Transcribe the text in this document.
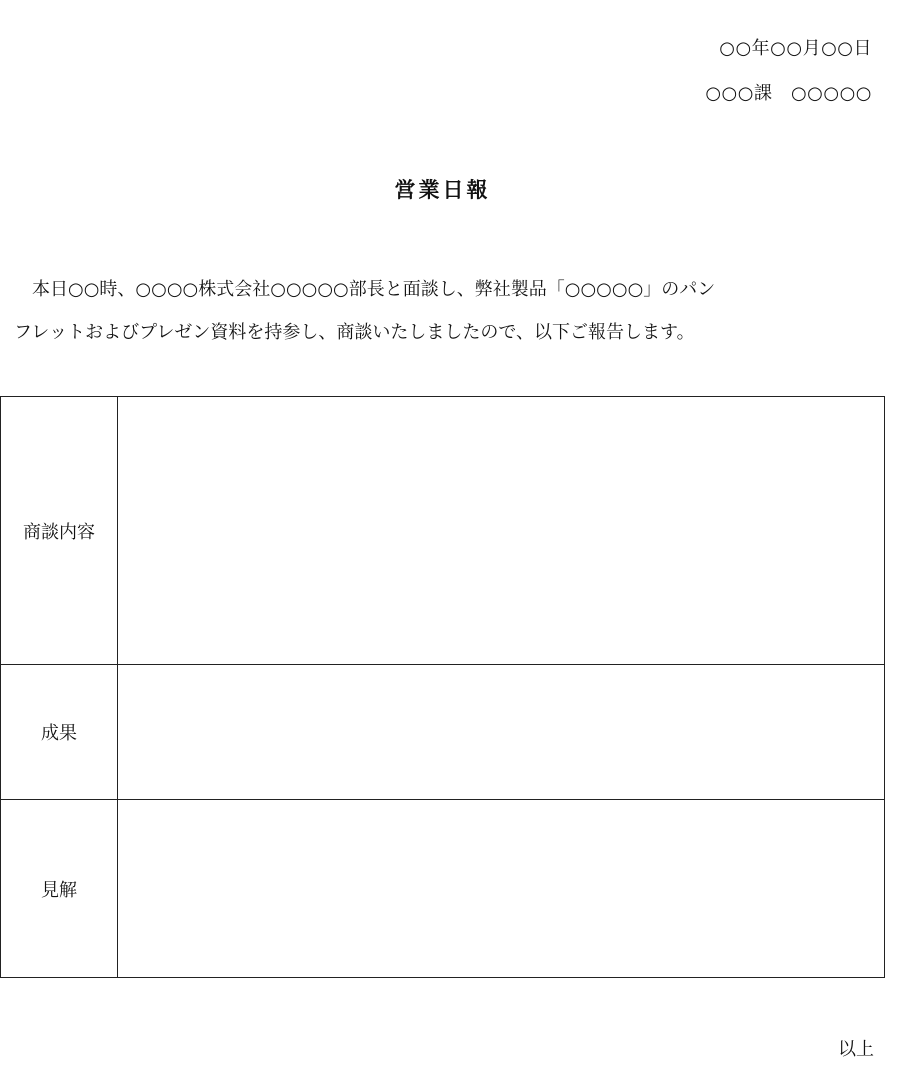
○○年○○月○○日
○○○課　○○○○○
営業日報

本日○○時、○○○○株式会社○○○○○部長と面談し、弊社製品「○○○○○」のパン
フレットおよびプレゼン資料を持参し、商談いたしましたので、以下ご報告します。

商談内容	
成果	
見解	
以上
